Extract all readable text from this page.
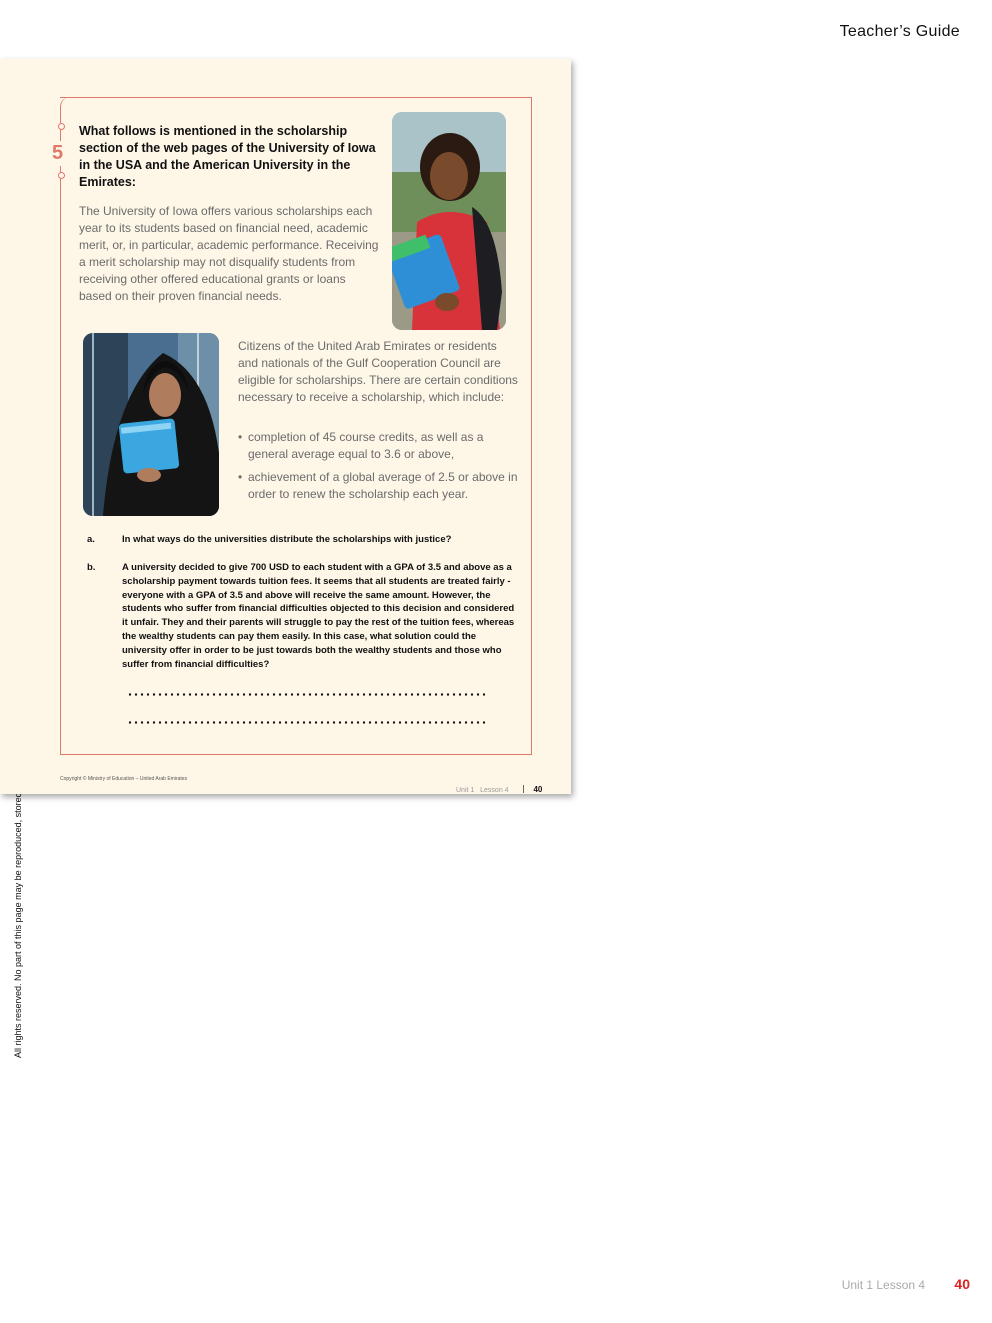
Teacher’s Guide
5
What follows is mentioned in the scholarship section of the web pages of the University of Iowa in the USA and the American University in the Emirates:
The University of Iowa offers various scholarships each year to its students based on financial need, academic merit, or, in particular, academic performance. Receiving a merit scholarship may not disqualify students from receiving other offered educational grants or loans based on their proven financial needs.
Citizens of the United Arab Emirates or residents and nationals of the Gulf Cooperation Council are eligible for scholarships. There are certain conditions necessary to receive a scholarship, which include:
• completion of 45 course credits, as well as a general average equal to 3.6 or above,
• achievement of a global average of 2.5 or above in order to renew the scholarship each year.
a.	In what ways do the universities distribute the scholarships with justice?
b.	A university decided to give 700 USD to each student with a GPA of 3.5 and above as a scholarship payment towards tuition fees. It seems that all students are treated fairly - everyone with a GPA of 3.5 and above will receive the same amount. However, the students who suffer from financial difficulties objected to this decision and considered it unfair. They and their parents will struggle to pay the rest of the tuition fees, whereas the wealthy students can pay them easily. In this case, what solution could the university offer in order to be just towards both the wealthy students and those who suffer from financial difficulties?
Copyright © Ministry of Education – United Arab Emirates
Unit 1 Lesson 4	40
Unit 1 Lesson 4 40
